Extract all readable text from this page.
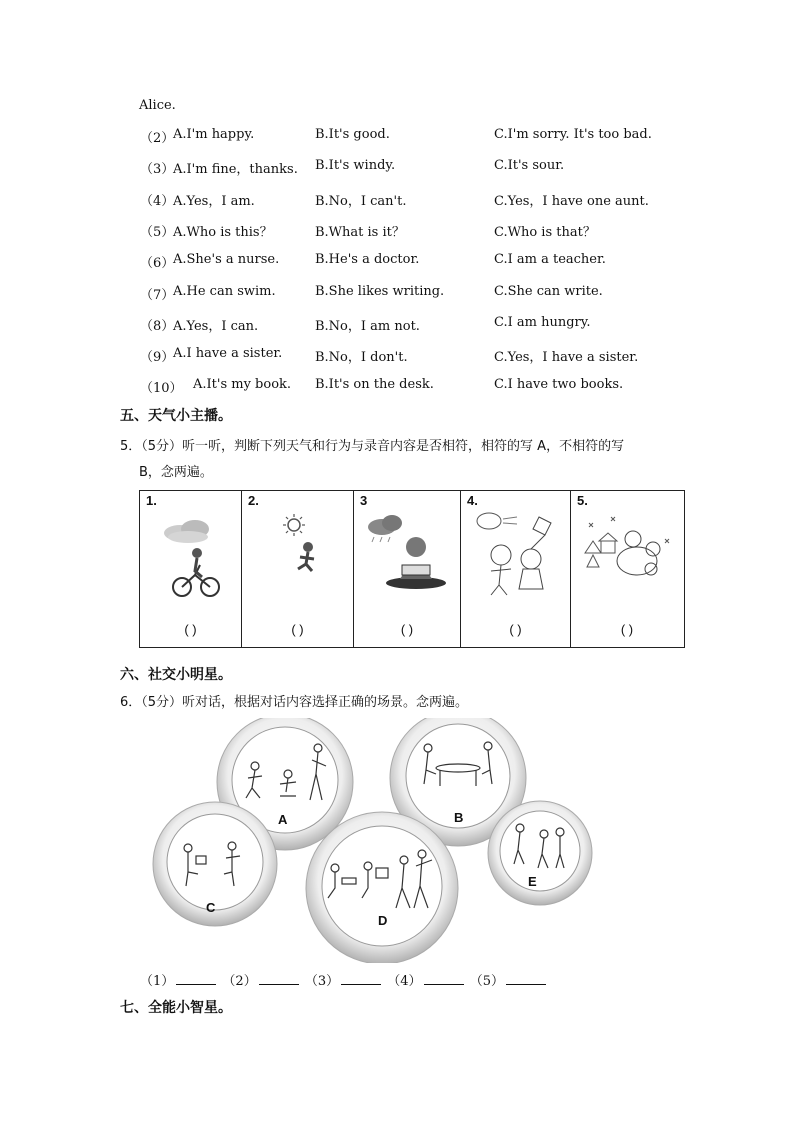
Alice.
（2）
A.I'm happy.	B.It's good.	C.I'm sorry. It's too bad.
（3）
A.I'm fine，thanks. B.It's windy.	C.It's sour.
（4）
A.Yes，I am.	B.No，I can't.	C.Yes，I have one aunt.
（5）
A.Who is this？	B.What is it？	C.Who is that？
（6）
A.She's a nurse.	B.He's a doctor.	C.I am a teacher.
（7）
A.He can swim.	B.She likes writing.	C.She can write.
（8）
A.Yes，I can.	B.No，I am not.	C.I am hungry.
（9）
A.I have a sister.	B.No，I don't.	C.Yes，I have a sister.
（10） A.It's my book. B.It's on the desk.	C.I have two books.
五、天气小主播。
5．（5分）听一听，判断下列天气和行为与录音内容是否相符，相符的写 A，不相符的写
B，念两遍。
1.
( )
2.
( )
3
( )
4.
( )
5.
( )
六、社交小明星。
6．（5分）听对话，根据对话内容选择正确的场景。念两遍。
A	B
C
D
E
（1）	（2）	（3）	（4）	（5）
七、全能小智星。
